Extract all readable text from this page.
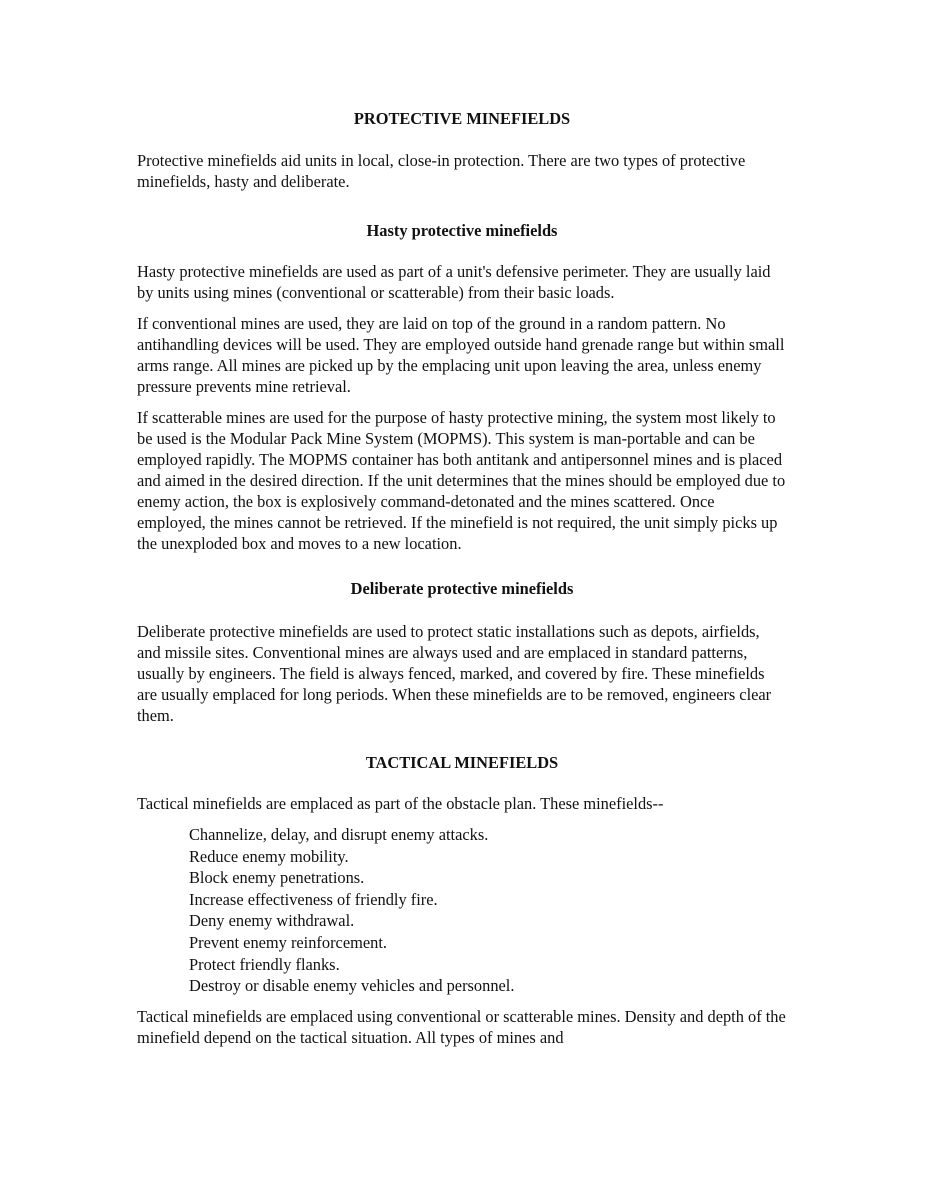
PROTECTIVE MINEFIELDS

Protective minefields aid units in local, close-in protection. There are two types of protective minefields, hasty and deliberate.

Hasty protective minefields

Hasty protective minefields are used as part of a unit's defensive perimeter. They are usually laid by units using mines (conventional or scatterable) from their basic loads.

If conventional mines are used, they are laid on top of the ground in a random pattern. No antihandling devices will be used. They are employed outside hand grenade range but within small arms range. All mines are picked up by the emplacing unit upon leaving the area, unless enemy pressure prevents mine retrieval.

If scatterable mines are used for the purpose of hasty protective mining, the system most likely to be used is the Modular Pack Mine System (MOPMS). This system is man-portable and can be employed rapidly. The MOPMS container has both antitank and antipersonnel mines and is placed and aimed in the desired direction. If the unit determines that the mines should be employed due to enemy action, the box is explosively command-detonated and the mines scattered. Once employed, the mines cannot be retrieved. If the minefield is not required, the unit simply picks up the unexploded box and moves to a new location.

Deliberate protective minefields

Deliberate protective minefields are used to protect static installations such as depots, airfields, and missile sites. Conventional mines are always used and are emplaced in standard patterns, usually by engineers. The field is always fenced, marked, and covered by fire. These minefields are usually emplaced for long periods. When these minefields are to be removed, engineers clear them.

TACTICAL MINEFIELDS

Tactical minefields are emplaced as part of the obstacle plan. These minefields--

Channelize, delay, and disrupt enemy attacks.
Reduce enemy mobility.
Block enemy penetrations.
Increase effectiveness of friendly fire.
Deny enemy withdrawal.
Prevent enemy reinforcement.
Protect friendly flanks.
Destroy or disable enemy vehicles and personnel.

Tactical minefields are emplaced using conventional or scatterable mines. Density and depth of the minefield depend on the tactical situation. All types of mines and
